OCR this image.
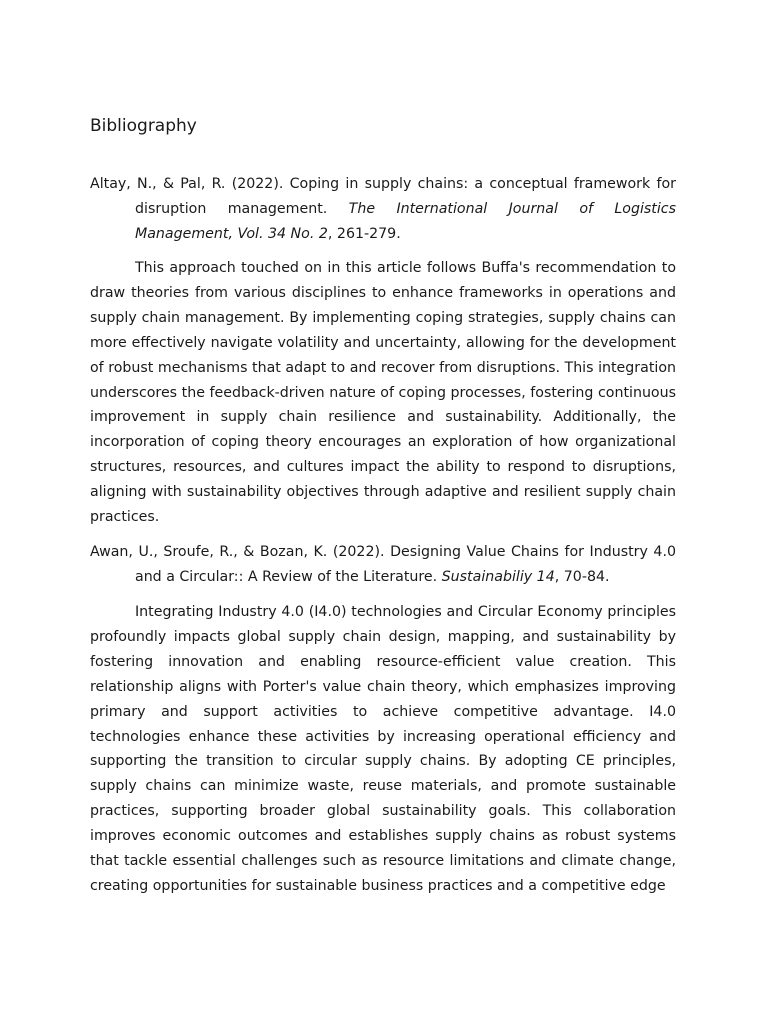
Bibliography

Altay, N., & Pal, R. (2022). Coping in supply chains: a conceptual framework for disruption management. The International Journal of Logistics Management, Vol. 34 No. 2, 261-279.

This approach touched on in this article follows Buffa's recommendation to draw theories from various disciplines to enhance frameworks in operations and supply chain management. By implementing coping strategies, supply chains can more effectively navigate volatility and uncertainty, allowing for the development of robust mechanisms that adapt to and recover from disruptions. This integration underscores the feedback-driven nature of coping processes, fostering continuous improvement in supply chain resilience and sustainability. Additionally, the incorporation of coping theory encourages an exploration of how organizational structures, resources, and cultures impact the ability to respond to disruptions, aligning with sustainability objectives through adaptive and resilient supply chain practices.

Awan, U., Sroufe, R., & Bozan, K. (2022). Designing Value Chains for Industry 4.0 and a Circular:: A Review of the Literature. Sustainabiliy 14, 70-84.

Integrating Industry 4.0 (I4.0) technologies and Circular Economy principles profoundly impacts global supply chain design, mapping, and sustainability by fostering innovation and enabling resource-efficient value creation. This relationship aligns with Porter's value chain theory, which emphasizes improving primary and support activities to achieve competitive advantage. I4.0 technologies enhance these activities by increasing operational efficiency and supporting the transition to circular supply chains. By adopting CE principles, supply chains can minimize waste, reuse materials, and promote sustainable practices, supporting broader global sustainability goals. This collaboration improves economic outcomes and establishes supply chains as robust systems that tackle essential challenges such as resource limitations and climate change, creating opportunities for sustainable business practices and a competitive edge
